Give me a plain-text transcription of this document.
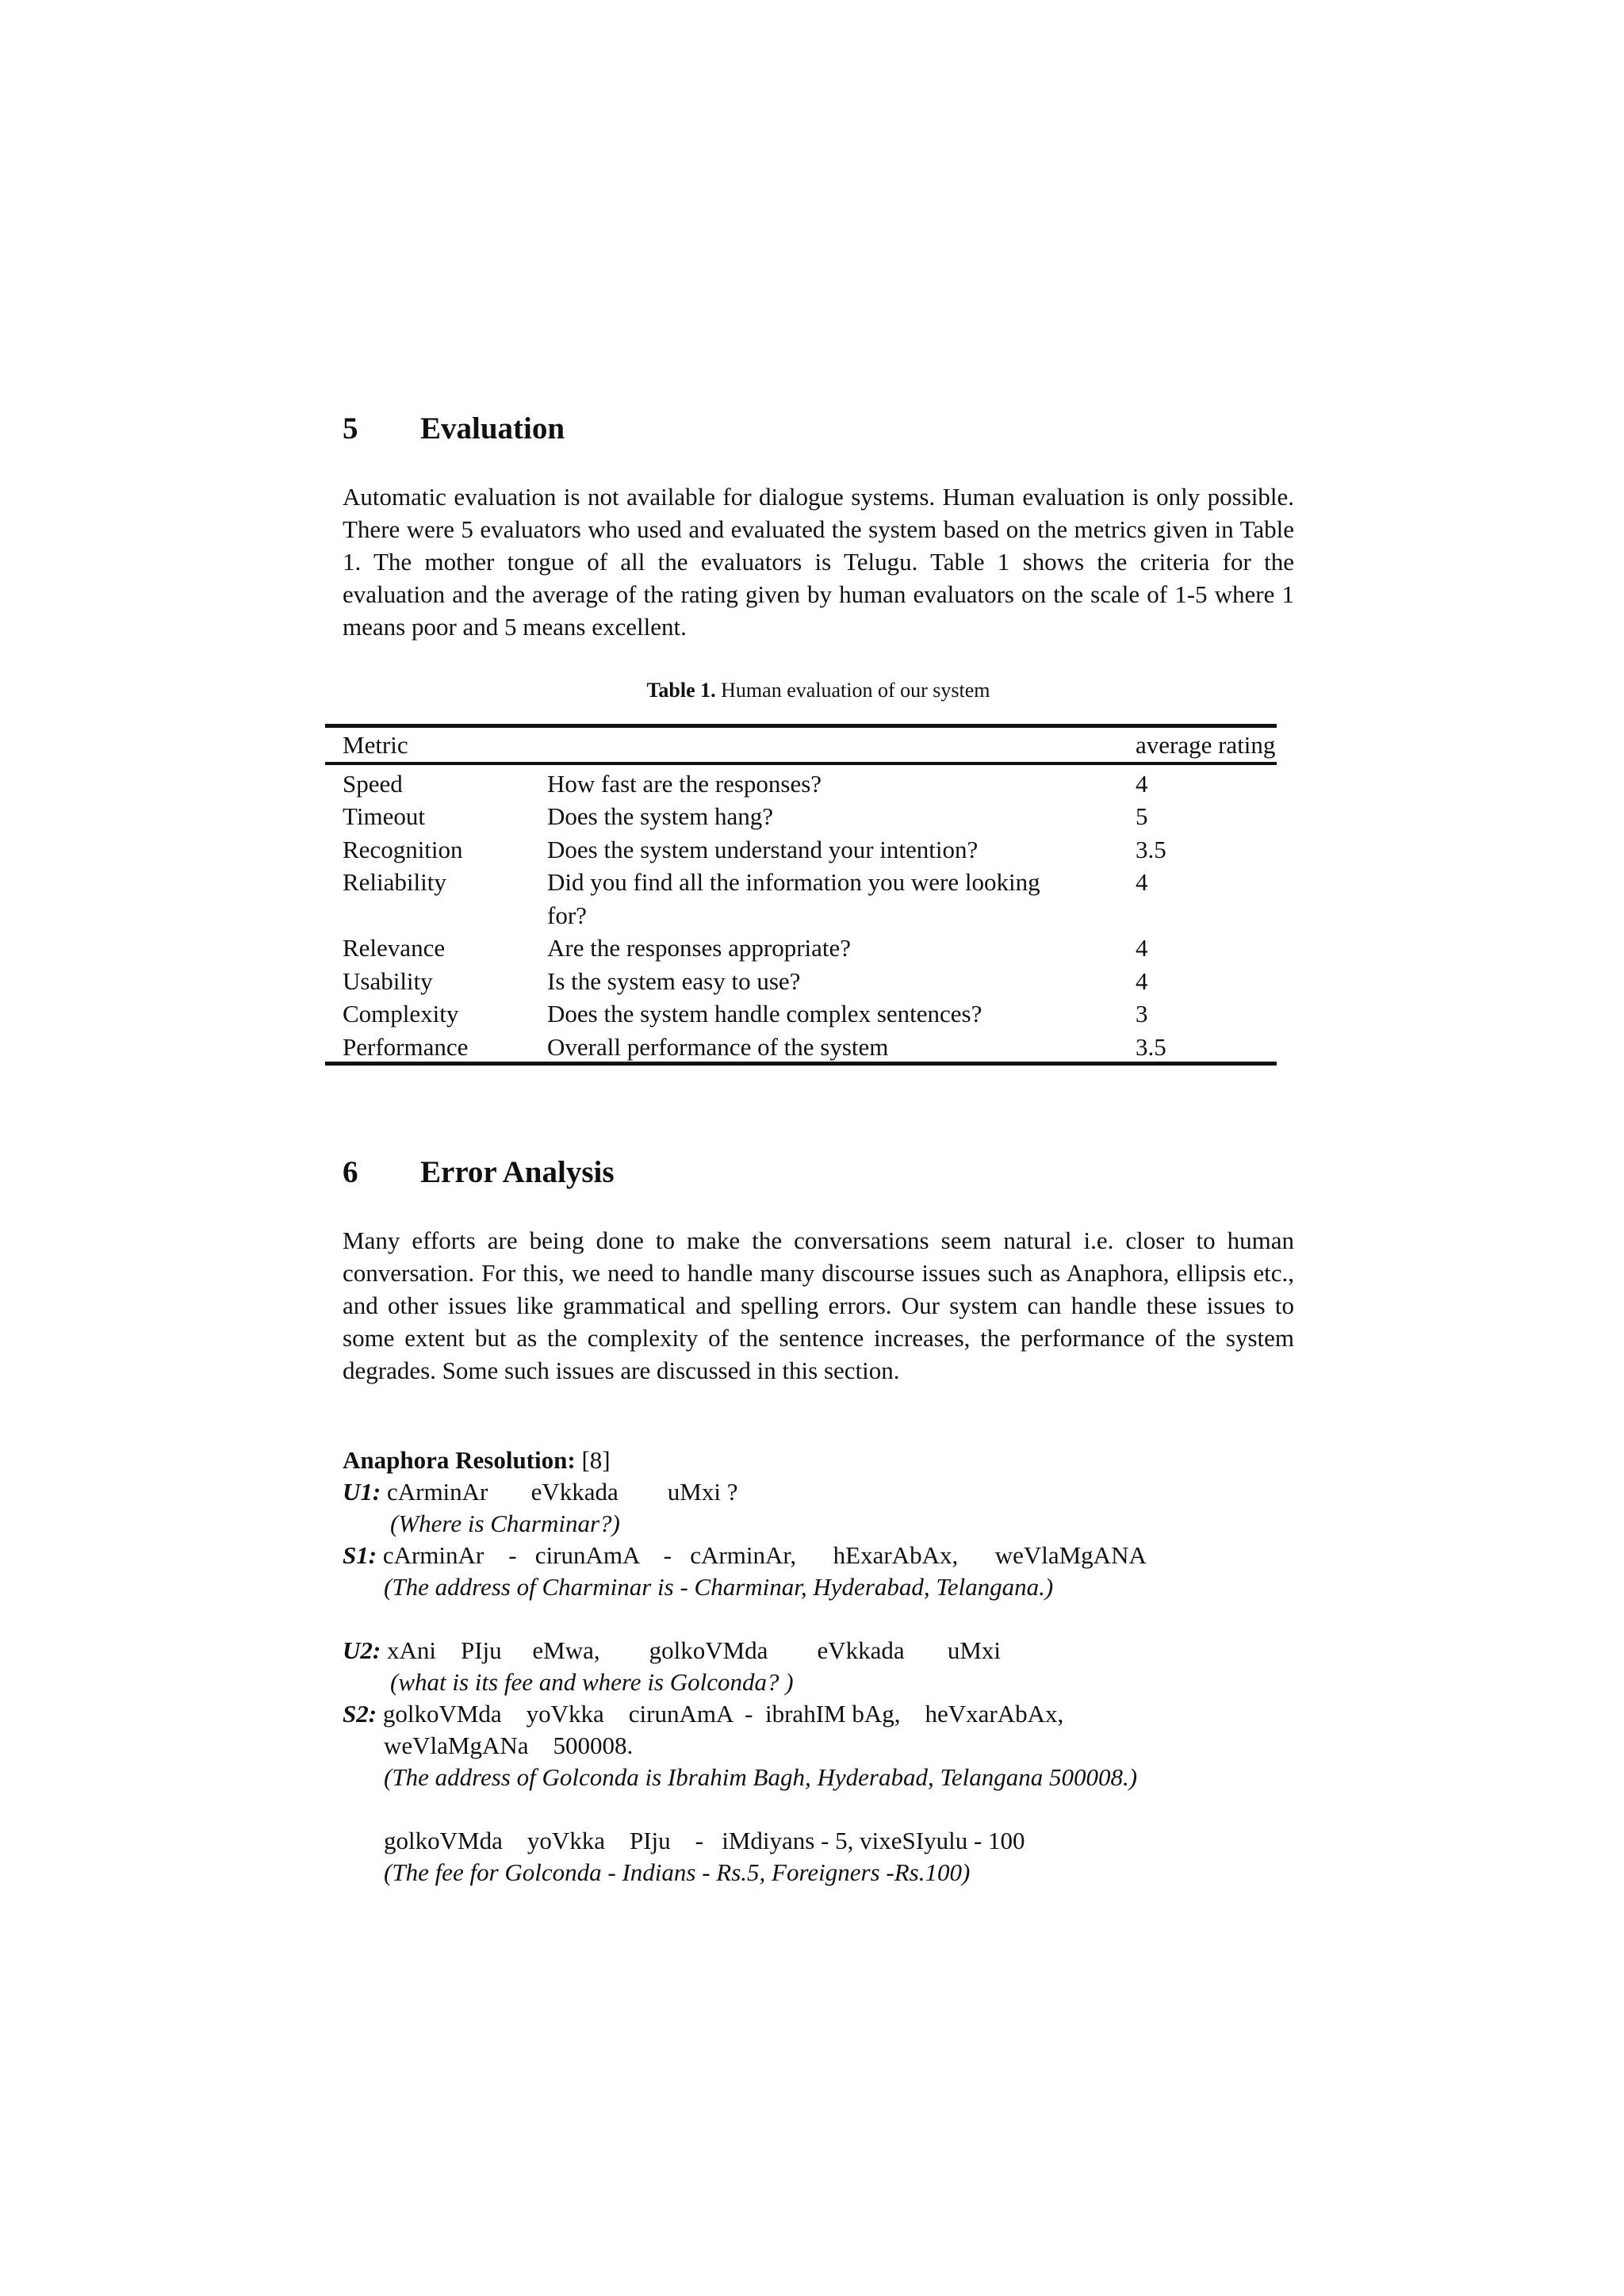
5 Evaluation

Automatic evaluation is not available for dialogue systems. Human evaluation is only possible. There were 5 evaluators who used and evaluated the system based on the metrics given in Table 1. The mother tongue of all the evaluators is Telugu. Table 1 shows the criteria for the evaluation and the average of the rating given by human evaluators on the scale of 1-5 where 1 means poor and 5 means excellent.

Table 1. Human evaluation of our system
Metric		average rating

Speed	How fast are the responses?	4
Timeout	Does the system hang?	5
Recognition	Does the system understand your intention?	3.5
Reliability	Did you find all the information you were looking for?	4
Relevance	Are the responses appropriate?	4
Usability	Is the system easy to use?	4
Complexity	Does the system handle complex sentences?	3
Performance	Overall performance of the system	3.5
6 Error Analysis

Many efforts are being done to make the conversations seem natural i.e. closer to human conversation. For this, we need to handle many discourse issues such as Anaphora, ellipsis etc., and other issues like grammatical and spelling errors. Our system can handle these issues to some extent but as the complexity of the sentence increases, the performance of the system degrades. Some such issues are discussed in this section.

Anaphora Resolution: [8]
U1: cArminAr       eVkkada        uMxi ?
(Where is Charminar?)
S1: cArminAr    -   cirunAmA    -   cArminAr,      hExarAbAx,      weVlaMgANA
(The address of Charminar is - Charminar, Hyderabad, Telangana.)
U2: xAni    PIju     eMwa,        golkoVMda        eVkkada       uMxi
(what is its fee and where is Golconda? )
S2: golkoVMda    yoVkka    cirunAmA  -  ibrahIM bAg,    heVxarAbAx,
weVlaMgANa    500008.
(The address of Golconda is Ibrahim Bagh, Hyderabad, Telangana 500008.)
golkoVMda    yoVkka    PIju    -   iMdiyans - 5, vixeSIyulu - 100
(The fee for Golconda - Indians - Rs.5, Foreigners -Rs.100)
